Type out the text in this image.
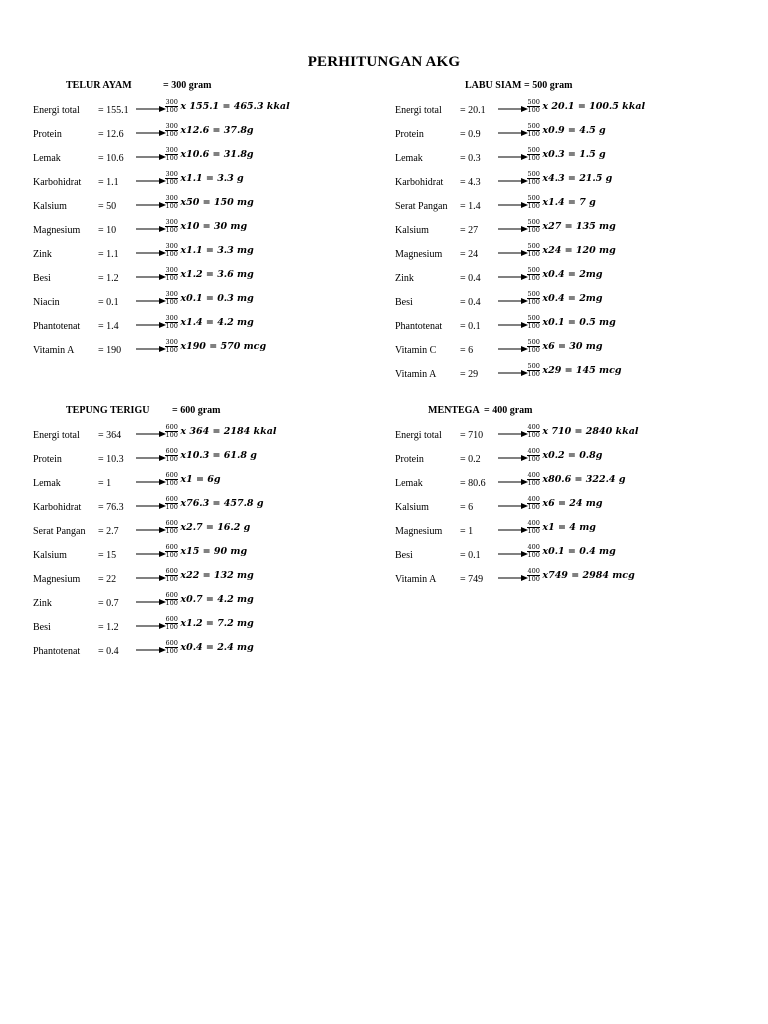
PERHITUNGAN AKG
TELUR AYAM	= 300 gram
Energi total = 155.1	$\frac{300}{100}$ x 155.1 = 465.3 kkal
Protein	= 12.6	$\frac{300}{100} x12.6 = 37.8g$
Lemak	= 10.6	$\frac{300}{100} x10.6 = 31.8g$
Karbohidrat = 1.1	$\frac{300}{100} x1.1 = 3.3$ g
Kalsium	= 50	$\frac{300}{100} x50 = 150$ mg
Magnesium = 10	$\frac{300}{100} x10 = 30$ mg
Zink	= 1.1	$\frac{300}{100} x1.1 = 3.3$ mg
Besi	= 1.2	$\frac{300}{100} x1.2 = 3.6$ mg
Niacin	= 0.1	$\frac{300}{100} x0.1 = 0.3$ mg
Phantotenat = 1.4	$\frac{300}{100} x1.4 = 4.2$ mg
Vitamin A = 190	$\frac{300}{100} x190 = 570$ mcg
LABU SIAM = 500 gram
Energi total = 20.1	$\frac{500}{100}$ x 20.1 = 100.5 kkal
Protein	= 0.9	$\frac{500}{100} x0.9 = 4.5$ g
Lemak	= 0.3	$\frac{500}{100} x0.3 = 1.5$ g
Karbohidrat = 4.3	$\frac{500}{100} x4.3 = 21.5$ g
Serat Pangan = 1.4	$\frac{500}{100} x1.4 = 7$ g
Kalsium	= 27	$\frac{500}{100} x27 = 135$ mg
Magnesium = 24	$\frac{500}{100} x24 = 120$ mg
Zink	= 0.4	$\frac{500}{100} x0.4 = 2mg$
Besi	= 0.4	$\frac{500}{100} x0.4 = 2mg$
Phantotenat = 0.1	$\frac{500}{100} x0.1 = 0.5$ mg
Vitamin C = 6	$\frac{500}{100} x6 = 30$ mg
Vitamin A = 29	$\frac{500}{100} x29 = 145$ mcg
TEPUNG TERIGU = 600 gram
Energi total = 364	$\frac{600}{100}$ x 364 = 2184 kkal
Protein	= 10.3	$\frac{600}{100} x10.3 = 61.8$ g
Lemak	= 1	$\frac{600}{100} x1 = 6g$
Karbohidrat = 76.3	$\frac{600}{100} x76.3 = 457.8$ g
Serat Pangan = 2.7	$\frac{600}{100} x2.7 = 16.2$ g
Kalsium	= 15	$\frac{600}{100} x15 = 90$ mg
Magnesium = 22	$\frac{600}{100} x22 = 132$ mg
Zink	= 0.7	$\frac{600}{100} x0.7 = 4.2$ mg
Besi	= 1.2	$\frac{600}{100} x1.2 = 7.2$ mg
Phantotenat = 0.4	$\frac{600}{100} x0.4 = 2.4$ mg
MENTEGA = 400 gram
Energi total = 710	$\frac{400}{100}$ x 710 = 2840 kkal
Protein	= 0.2	$\frac{400}{100} x0.2 = 0.8g$
Lemak	= 80.6	$\frac{400}{100} x80.6 = 322.4$ g
Kalsium	= 6	$\frac{400}{100} x6 = 24$ mg
Magnesium = 1	$\frac{400}{100} x1 = 4$ mg
Besi	= 0.1	$\frac{400}{100} x0.1 = 0.4$ mg
Vitamin A = 749	$\frac{400}{100} x749 = 2984$ mcg
